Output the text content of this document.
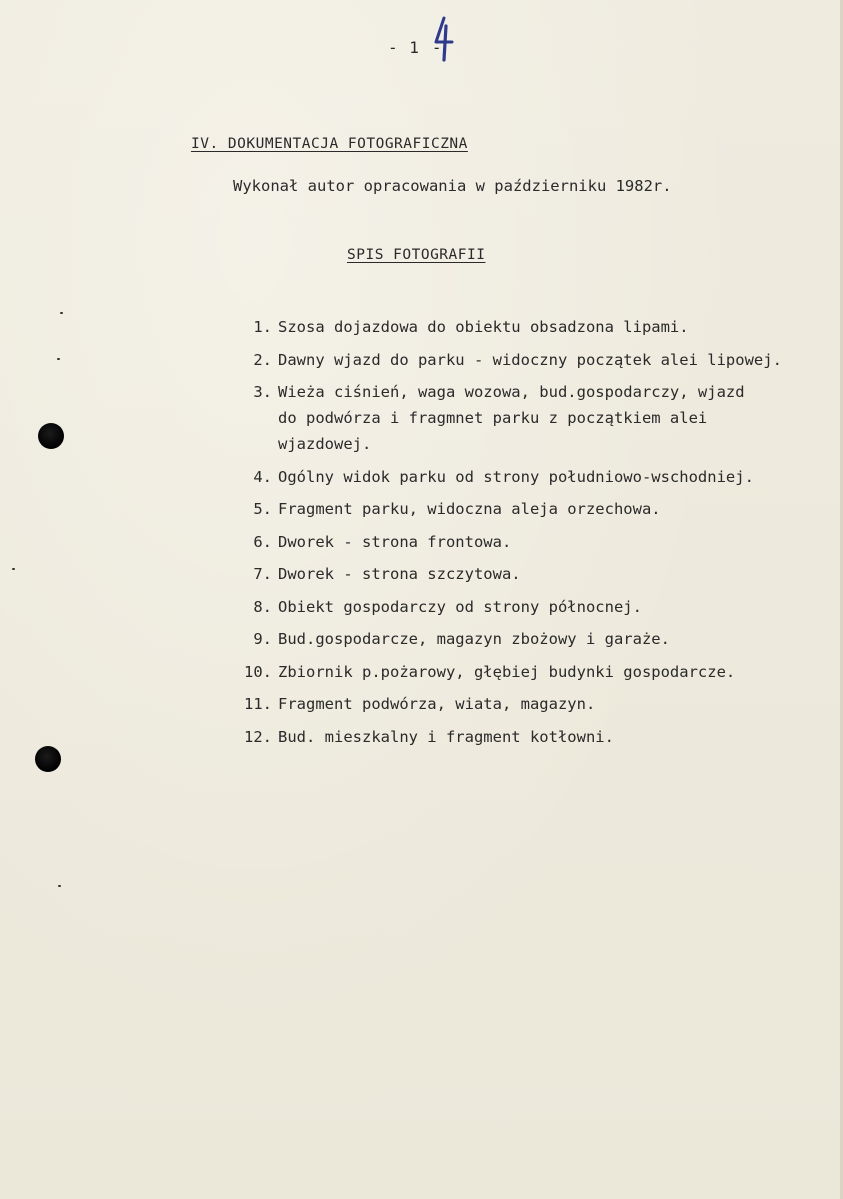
- 1 -
IV. DOKUMENTACJA FOTOGRAFICZNA
Wykonał autor opracowania w październiku 1982r.
SPIS FOTOGRAFII
1. Szosa dojazdowa do obiektu obsadzona lipami.
2. Dawny wjazd do parku - widoczny początek alei lipowej.
3. Wieża ciśnień, waga wozowa, bud.gospodarczy, wjazd
do podwórza i fragmnet parku z początkiem alei
wjazdowej.
4. Ogólny widok parku od strony południowo-wschodniej.
5. Fragment parku, widoczna aleja orzechowa.
6. Dworek - strona frontowa.
7. Dworek - strona szczytowa.
8. Obiekt gospodarczy od strony północnej.
9. Bud.gospodarcze, magazyn zbożowy i garaże.
10. Zbiornik p.pożarowy, głębiej budynki gospodarcze.
11. Fragment podwórza, wiata, magazyn.
12. Bud. mieszkalny i fragment kotłowni.
